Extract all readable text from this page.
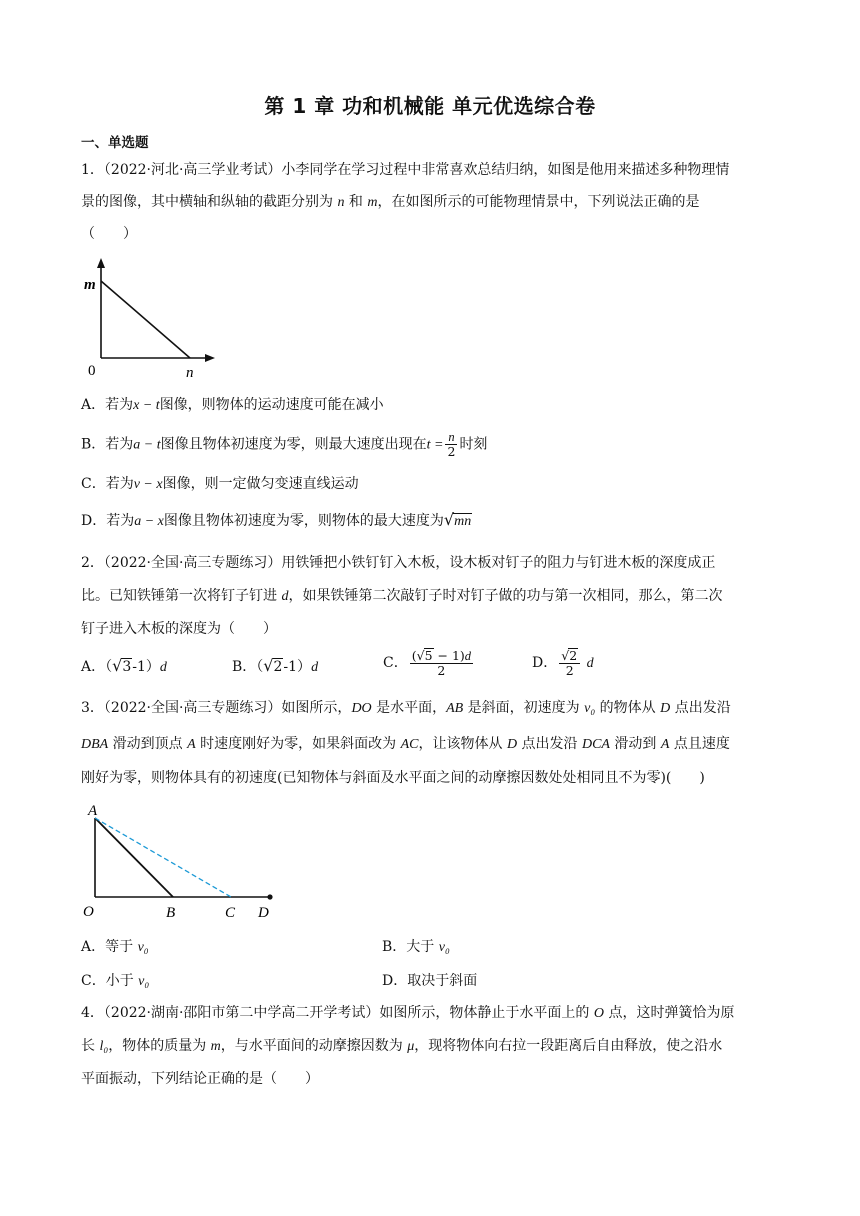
第 1 章 功和机械能 单元优选综合卷
一、单选题
1．（2022·河北·高三学业考试）小李同学在学习过程中非常喜欢总结归纳，如图是他用来描述多种物理情
景的图像，其中横轴和纵轴的截距分别为 n 和 m，在如图所示的可能物理情景中，下列说法正确的是
（　　）
m
0	n
A．若为x − t图像，则物体的运动速度可能在减小
B．若为a − t图像且物体初速度为零，则最大速度出现在$t = \frac{n}{2}$ 时刻
C．若为v − x图像，则一定做匀变速直线运动
D．若为a − x图像且物体初速度为零，则物体的最大速度为√mn
2．（2022·全国·高三专题练习）用铁锤把小铁钉钉入木板，设木板对钉子的阻力与钉进木板的深度成正
比。已知铁锤第一次将钉子钉进 d，如果铁锤第二次敲钉子时对钉子做的功与第一次相同，那么，第二次
钉子进入木板的深度为（　　）
A．（√3-1）d	B．（√2-1）d	C． $\frac{(√5 - 1)d}{2}$	D． $\frac{√2}{2}$ d
3．（2022·全国·高三专题练习）如图所示，DO 是水平面，AB 是斜面，初速度为 v₀ 的物体从 D 点出发沿
DBA 滑动到顶点 A 时速度刚好为零，如果斜面改为 AC，让该物体从 D 点出发沿 DCA 滑动到 A 点且速度
刚好为零，则物体具有的初速度(已知物体与斜面及水平面之间的动摩擦因数处处相同且不为零)(　　)
A
O	B	C D
A．等于 v₀	B．大于 v₀
C．小于 v₀	D．取决于斜面
4．（2022·湖南·邵阳市第二中学高二开学考试）如图所示，物体静止于水平面上的 O 点，这时弹簧恰为原
长 l₀，物体的质量为 m，与水平面间的动摩擦因数为 μ，现将物体向右拉一段距离后自由释放，使之沿水
平面振动，下列结论正确的是（　　）
